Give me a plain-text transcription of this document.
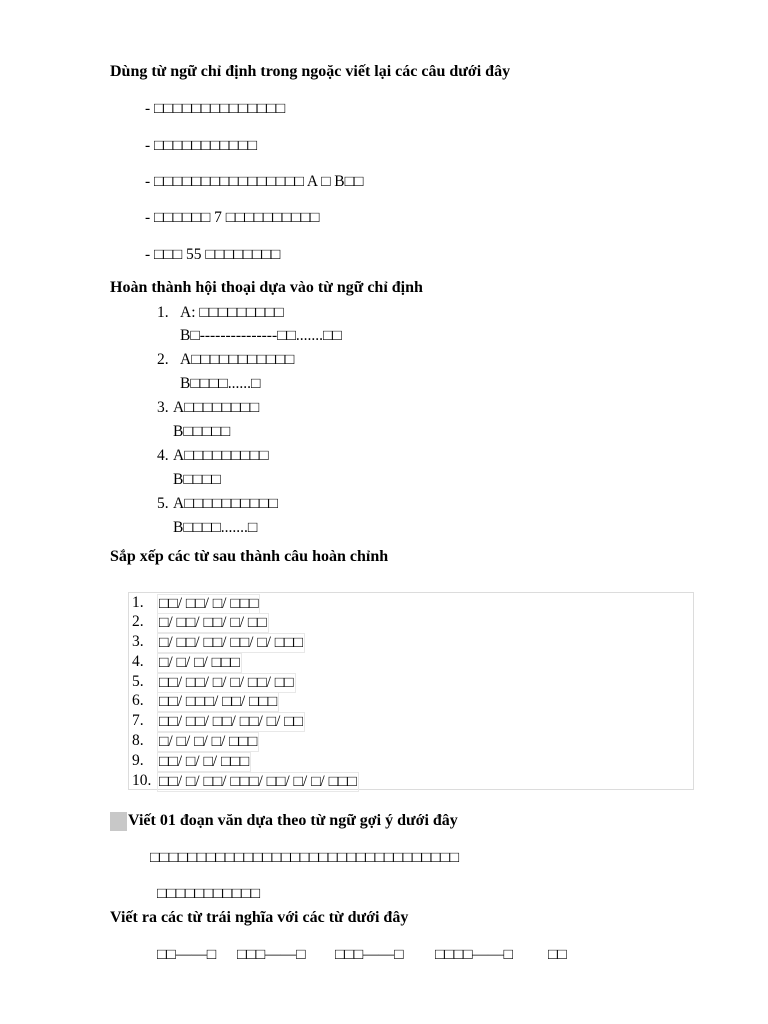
Dùng từ ngữ chỉ định trong ngoặc viết lại các câu dưới đây
- □□□□□□□□□□□□□□
- □□□□□□□□□□□
- □□□□□□□□□□□□□□□□ A □ B□□
- □□□□□□ 7 □□□□□□□□□□
- □□□ 55 □□□□□□□□
Hoàn thành hội thoại dựa vào từ ngữ chỉ định
1. A: □□□□□□□□□
B□---------------□□.......□□
2. A□□□□□□□□□□□
B□□□□......□
3. A□□□□□□□□
B□□□□□
4. A□□□□□□□□□
B□□□□
5. A□□□□□□□□□□
B□□□□.......□
Sắp xếp các từ sau thành câu hoàn chỉnh
1. □□/ □□/ □/ □□□
2. □/ □□/ □□/ □/ □□
3. □/ □□/ □□/ □□/ □/ □□□
4. □/ □/ □/ □□□
5. □□/ □□/ □/ □/ □□/ □□
6. □□/ □□□/ □□/ □□□
7. □□/ □□/ □□/ □□/ □/ □□
8. □/ □/ □/ □/ □□□
9. □□/ □/ □/ □□□
10. □□/ □/ □□/ □□□/ □□/ □/ □/ □□□
Viết 01 đoạn văn dựa theo từ ngữ gợi ý dưới đây
□□□□□□□□□□□□□□□□□□□□□□□□□□□□□□□□□
□□□□□□□□□□□
Viết ra các từ trái nghĩa với các từ dưới đây
□□——□ □□□——□ □□□——□ □□□□——□ □□
